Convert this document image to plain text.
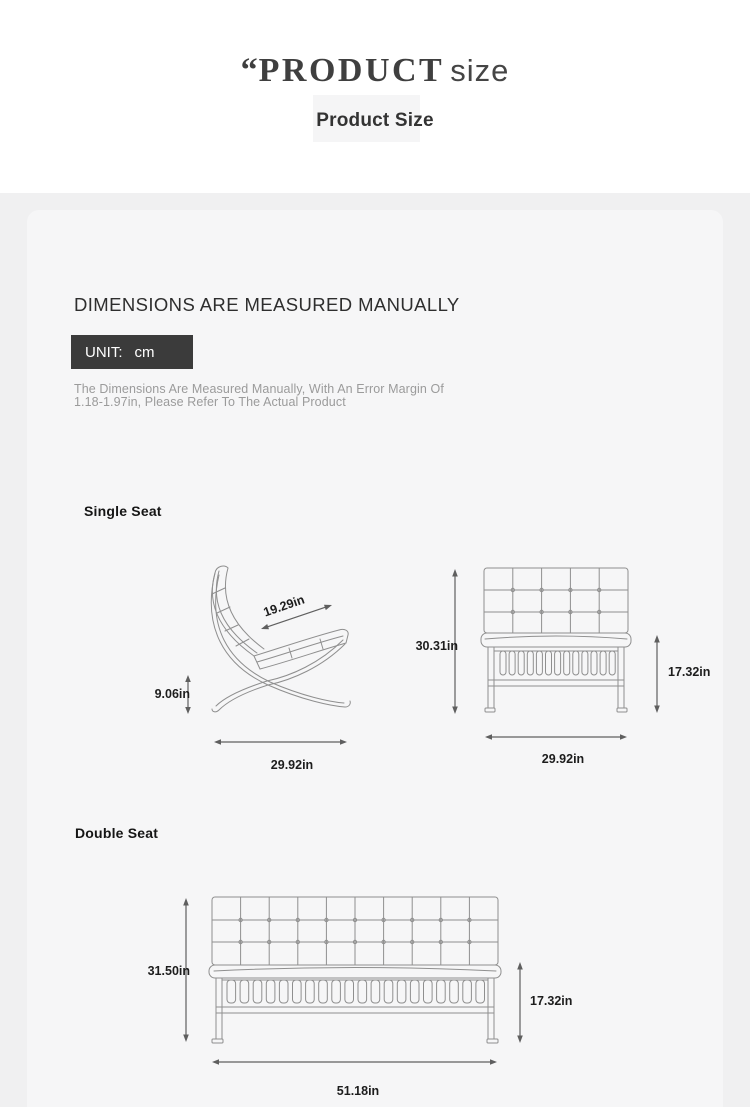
“PRODUCT size
Product Size
DIMENSIONS ARE MEASURED MANUALLY
UNIT: cm
The Dimensions Are Measured Manually, With An Error Margin Of
1.18-1.97in, Please Refer To The Actual Product
Single Seat
Double Seat
19.29in
9.06in
29.92in
30.31in
17.32in
29.92in
31.50in
17.32in
51.18in
